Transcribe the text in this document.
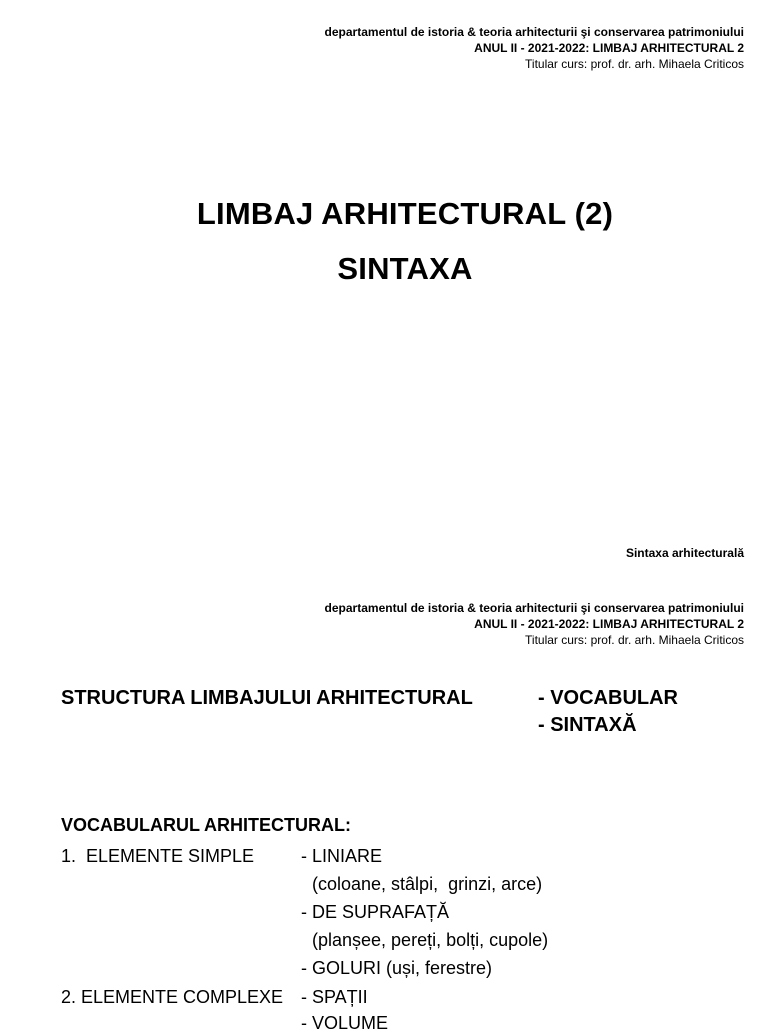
departamentul de istoria & teoria arhitecturii şi conservarea patrimoniului
ANUL II - 2021-2022: LIMBAJ ARHITECTURAL 2
Titular curs: prof. dr. arh. Mihaela Criticos
LIMBAJ ARHITECTURAL (2)
SINTAXA
Sintaxa arhitecturală
departamentul de istoria & teoria arhitecturii şi conservarea patrimoniului
ANUL II - 2021-2022: LIMBAJ ARHITECTURAL 2
Titular curs: prof. dr. arh. Mihaela Criticos
STRUCTURA LIMBAJULUI ARHITECTURAL	- VOCABULAR
- SINTAXĂ
VOCABULARUL ARHITECTURAL:
1.  ELEMENTE SIMPLE	- LINIARE
(coloane, stâlpi,  grinzi, arce)
- DE SUPRAFAȚĂ
(planșee, pereți, bolți, cupole)
- GOLURI (uși, ferestre)
2. ELEMENTE COMPLEXE - SPAȚII
- VOLUME
